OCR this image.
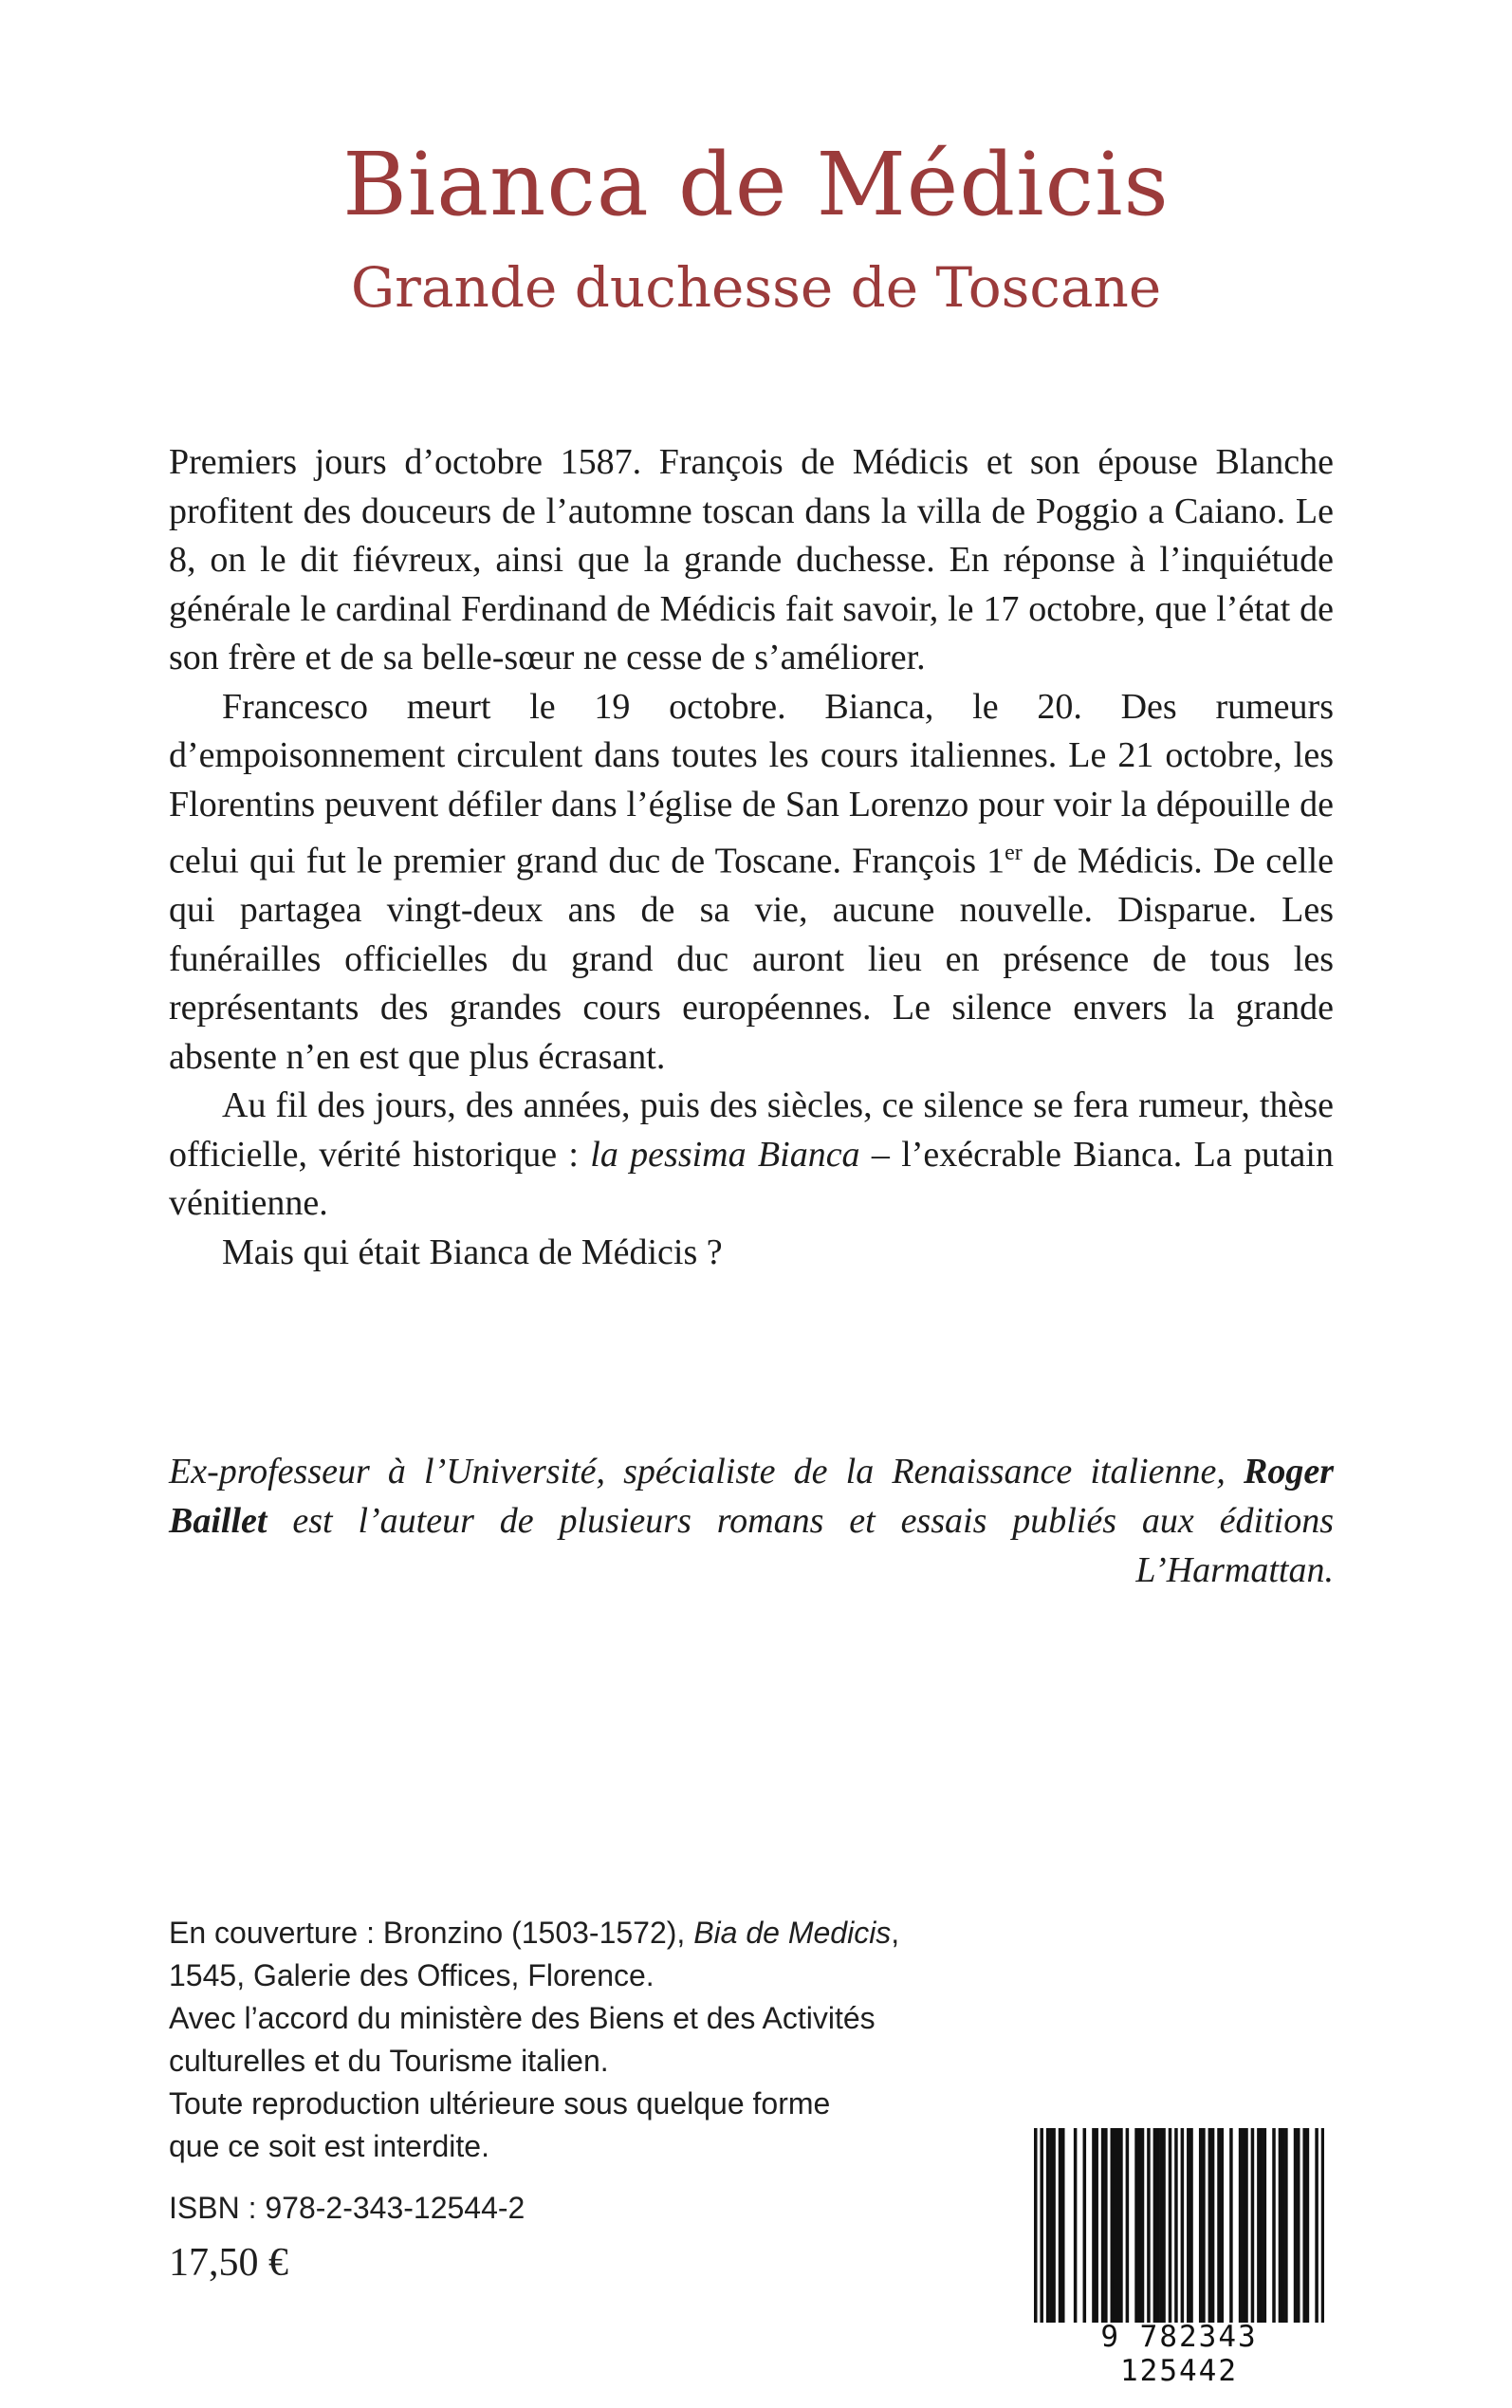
Bianca de Médicis
Grande duchesse de Toscane

Premiers jours d’octobre 1587. François de Médicis et son épouse Blanche profitent des douceurs de l’automne toscan dans la villa de Poggio a Caiano. Le 8, on le dit fiévreux, ainsi que la grande duchesse. En réponse à l’inquiétude générale le cardinal Ferdinand de Médicis fait savoir, le 17 octobre, que l’état de son frère et de sa belle-sœur ne cesse de s’améliorer.

Francesco meurt le 19 octobre. Bianca, le 20. Des rumeurs d’empoisonnement circulent dans toutes les cours italiennes. Le 21 octobre, les Florentins peuvent défiler dans l’église de San Lorenzo pour voir la dépouille de celui qui fut le premier grand duc de Toscane. François 1er de Médicis. De celle qui partagea vingt-deux ans de sa vie, aucune nouvelle. Disparue. Les funérailles officielles du grand duc auront lieu en présence de tous les représentants des grandes cours européennes. Le silence envers la grande absente n’en est que plus écrasant.

Au fil des jours, des années, puis des siècles, ce silence se fera rumeur, thèse officielle, vérité historique : la pessima Bianca – l’exécrable Bianca. La putain vénitienne.

Mais qui était Bianca de Médicis ?

Ex-professeur à l’Université, spécialiste de la Renaissance italienne, Roger Baillet est l’auteur de plusieurs romans et essais publiés aux éditions L’Harmattan.
En couverture : Bronzino (1503-1572), Bia de Medicis,
1545, Galerie des Offices, Florence.
Avec l’accord du ministère des Biens et des Activités
culturelles et du Tourisme italien.
Toute reproduction ultérieure sous quelque forme
que ce soit est interdite.
ISBN : 978-2-343-12544-2
17,50 €
9 782343 125442
